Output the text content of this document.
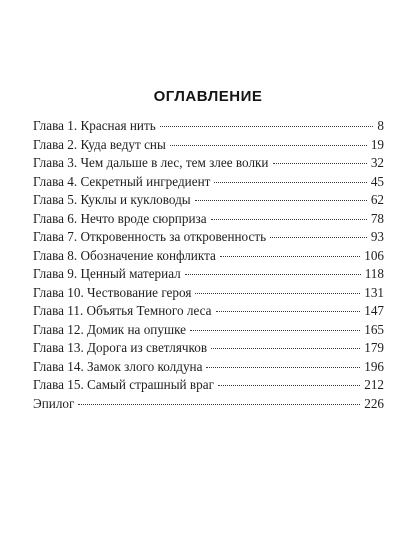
ОГЛАВЛЕНИЕ
Глава 1. Красная нить	8
Глава 2. Куда ведут сны	19
Глава 3. Чем дальше в лес, тем злее волки	32
Глава 4. Секретный ингредиент	45
Глава 5. Куклы и кукловоды	62
Глава 6. Нечто вроде сюрприза	78
Глава 7. Откровенность за откровенность	93
Глава 8. Обозначение конфликта	106
Глава 9. Ценный материал	118
Глава 10. Чествование героя	131
Глава 11. Объятья Темного леса	147
Глава 12. Домик на опушке	165
Глава 13. Дорога из светлячков	179
Глава 14. Замок злого колдуна	196
Глава 15. Самый страшный враг	212
Эпилог	226
